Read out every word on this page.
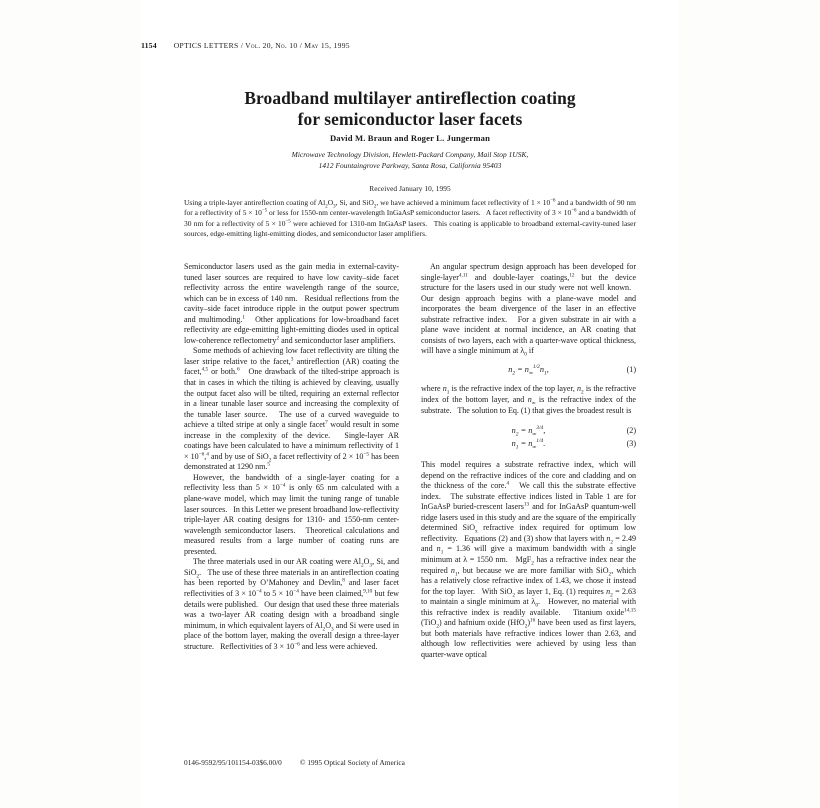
1154 OPTICS LETTERS / Vol. 20, No. 10 / May 15, 1995
Broadband multilayer antireflection coating
for semiconductor laser facets
David M. Braun and Roger L. Jungerman
Microwave Technology Division, Hewlett-Packard Company, Mail Stop 1USK,
1412 Fountaingrove Parkway, Santa Rosa, California 95403
Received January 10, 1995

Using a triple-layer antireflection coating of $Al_2O_3$, Si, and SiO$_2$, we have achieved a minimum facet reflectivity of $1 \times 10^{-6}$ and a bandwidth of 90 nm for a reflectivity of $5 \times 10^{-5}$ or less for 1550-nm center-wavelength InGaAsP semiconductor lasers.   A facet reflectivity of $3 \times 10^{-6}$ and a bandwidth of 30 nm for a reflectivity of $5 \times 10^{-5}$ were achieved for 1310-nm InGaAsP lasers.   This coating is applicable to broadband external-cavity-tuned laser sources, edge-emitting light-emitting diodes, and semiconductor laser amplifiers.

Semiconductor lasers used as the gain media in external-cavity-tuned laser sources are required to have low cavity–side facet reflectivity across the entire wavelength range of the source, which can be in excess of 140 nm.   Residual reflections from the cavity–side facet introduce ripple in the output power spectrum and multimoding.$^1$   Other applications for low-broadband facet reflectivity are edge-emitting light-emitting diodes used in optical low-coherence reflectometry$^2$ and semiconductor laser amplifiers.

Some methods of achieving low facet reflectivity are tilting the laser stripe relative to the facet,$^3$ antireflection (AR) coating the facet,$^{4,5}$ or both.$^6$   One drawback of the tilted-stripe approach is that in cases in which the tilting is achieved by cleaving, usually the output facet also will be tilted, requiring an external reflector in a linear tunable laser source and increasing the complexity of the tunable laser source.   The use of a curved waveguide to achieve a tilted stripe at only a single facet$^7$ would result in some increase in the complexity of the device.   Single-layer AR coatings have been calculated to have a minimum reflectivity of $1 \times 10^{-6},^4$ and by use of SiO$_2$ a facet reflectivity of $2 \times 10^{-5}$ has been demonstrated at 1290 nm.$^5$

However, the bandwidth of a single-layer coating for a reflectivity less than $5 \times 10^{-4}$ is only 65 nm calculated with a plane-wave model, which may limit the tuning range of tunable laser sources.   In this Letter we present broadband low-reflectivity triple-layer AR coating designs for 1310- and 1550-nm center-wavelength semiconductor lasers.   Theoretical calculations and measured results from a large number of coating runs are presented.

The three materials used in our AR coating were $Al_2O_3$, Si, and SiO$_2$.   The use of these three materials in an antireflection coating has been reported by O’Mahoney and Devlin,$^8$ and laser facet reflectivities of $3 \times 10^{-4}$ to $5 \times 10^{-4}$ have been claimed,$^{9,10}$ but few details were published.   Our design that used these three materials was a two-layer AR coating design with a broadband single minimum, in which equivalent layers of $Al_2O_3$ and Si were used in place of the bottom layer, making the overall design a three-layer structure.   Reflectivities of $3 \times 10^{-6}$ and less were achieved.

An angular spectrum design approach has been developed for single-layer$^{4,11}$ and double-layer coatings,$^{12}$ but the device structure for the lasers used in our study were not well known.   Our design approach begins with a plane-wave model and incorporates the beam divergence of the laser in an effective substrate refractive index.   For a given substrate in air with a plane wave incident at normal incidence, an AR coating that consists of two layers, each with a quarter-wave optical thickness, will have a single minimum at $\lambda_0$ if

$n_2 = n_\infty^{1/2}n_1$,	(1)

where $n_1$ is the refractive index of the top layer, $n_2$ is the refractive index of the bottom layer, and $n_\infty$ is the refractive index of the substrate.   The solution to Eq. (1) that gives the broadest result is

$n_2 = n_\infty^{3/4}$,	(2)
$n_1 = n_\infty^{1/4}$.	(3)

This model requires a substrate refractive index, which will depend on the refractive indices of the core and cladding and on the thickness of the core.$^4$   We call this the substrate effective index.   The substrate effective indices listed in Table 1 are for InGaAsP buried-crescent lasers$^{13}$ and for InGaAsP quantum-well ridge lasers used in this study and are the square of the empirically determined SiO$_x$ refractive index required for optimum low reflectivity.   Equations (2) and (3) show that layers with $n_2 = 2.49$ and $n_1 = 1.36$ will give a maximum bandwidth with a single minimum at λ = 1550 nm.   MgF$_2$ has a refractive index near the required $n_1$, but because we are more familiar with SiO$_2$, which has a relatively close refractive index of 1.43, we chose it instead for the top layer.   With SiO$_2$ as layer 1, Eq. (1) requires $n_2 = 2.63$ to maintain a single minimum at $\lambda_0$.   However, no material with this refractive index is readily available.   Titanium oxide$^{14,15}$ (TiO$_2$) and hafnium oxide $(HfO_2)^{16}$ have been used as first layers, but both materials have refractive indices lower than 2.63, and although low reflectivities were achieved by using less than quarter-wave optical

0146-9592/95/101154-03$6.00/0 © 1995 Optical Society of America
